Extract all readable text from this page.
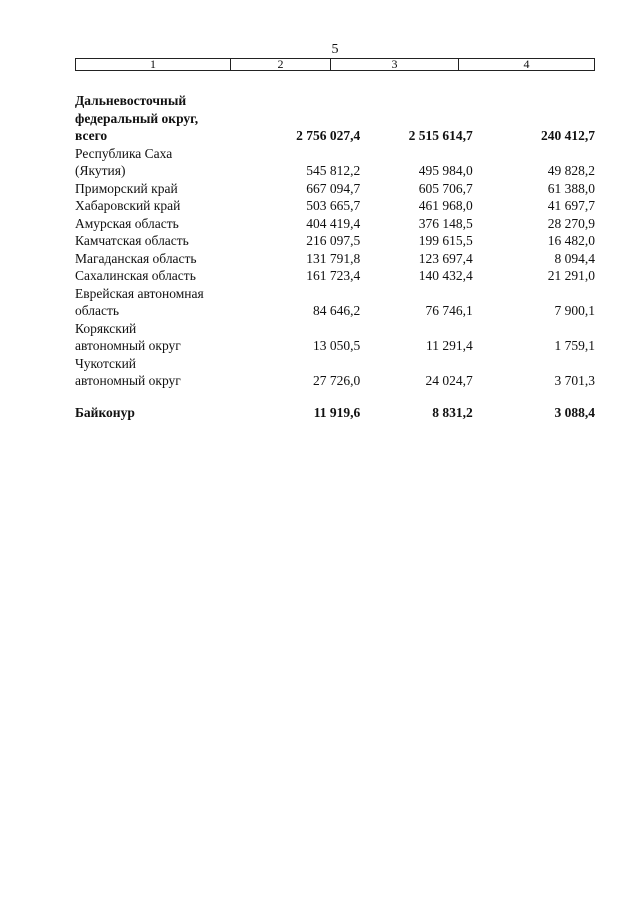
5
1	2	3	4
Дальневосточный
федеральный округ,
всего	2 756 027,4	2 515 614,7	240 412,7
Республика Саха
(Якутия)	545 812,2	495 984,0	49 828,2
Приморский край	667 094,7	605 706,7	61 388,0
Хабаровский край	503 665,7	461 968,0	41 697,7
Амурская область	404 419,4	376 148,5	28 270,9
Камчатская область	216 097,5	199 615,5	16 482,0
Магаданская область	131 791,8	123 697,4	8 094,4
Сахалинская область	161 723,4	140 432,4	21 291,0
Еврейская автономная
область	84 646,2	76 746,1	7 900,1
Корякский
автономный округ	13 050,5	11 291,4	1 759,1
Чукотский
автономный округ	27 726,0	24 024,7	3 701,3
Байконур	11 919,6	8 831,2	3 088,4
